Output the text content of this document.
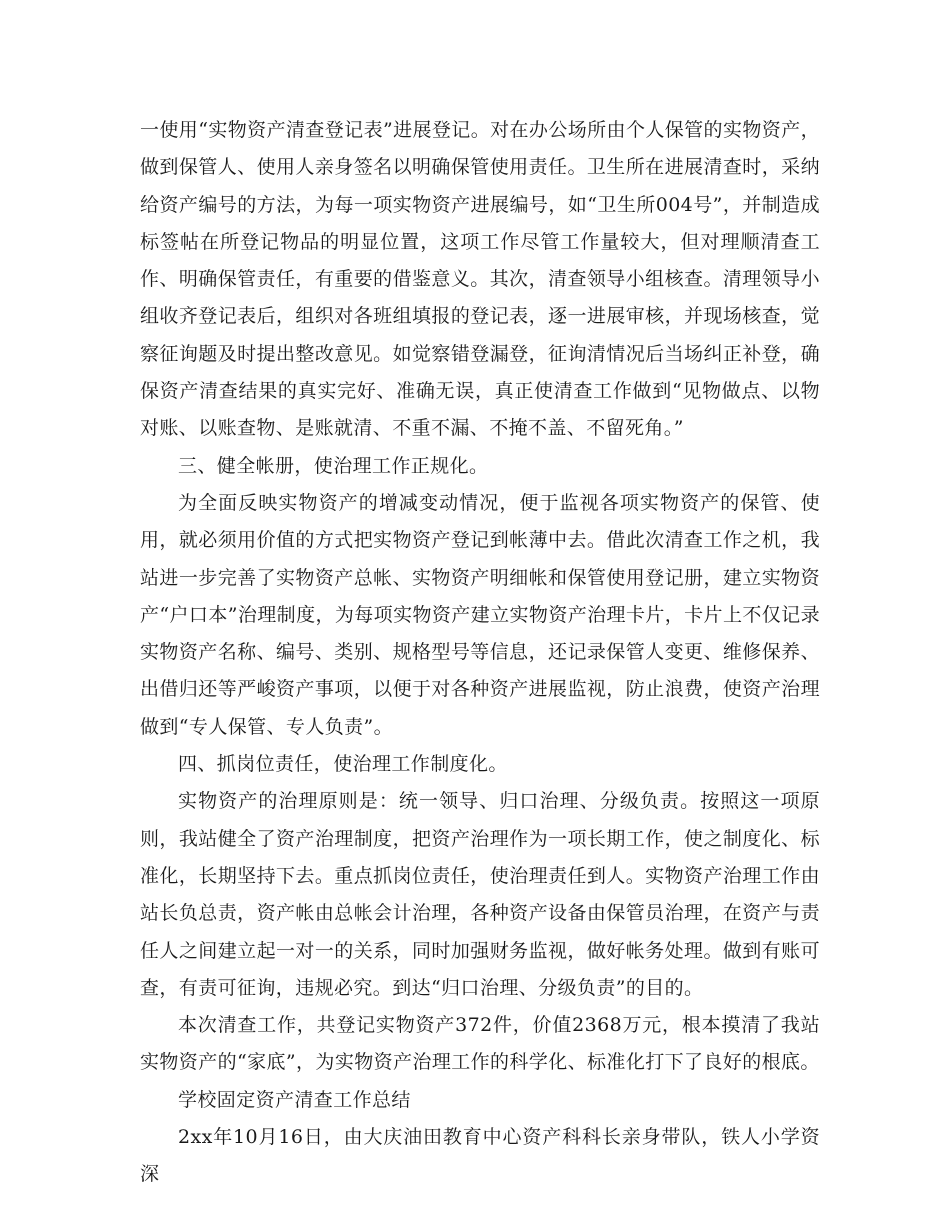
一使用“实物资产清查登记表”进展登记。对在办公场所由个人保管的实物资产，做到保管人、使用人亲身签名以明确保管使用责任。卫生所在进展清查时，采纳给资产编号的方法，为每一项实物资产进展编号，如“卫生所004号”，并制造成标签帖在所登记物品的明显位置，这项工作尽管工作量较大，但对理顺清查工作、明确保管责任，有重要的借鉴意义。其次，清查领导小组核查。清理领导小组收齐登记表后，组织对各班组填报的登记表，逐一进展审核，并现场核查，觉察征询题及时提出整改意见。如觉察错登漏登，征询清情况后当场纠正补登，确保资产清查结果的真实完好、准确无误，真正使清查工作做到“见物做点、以物对账、以账查物、是账就清、不重不漏、不掩不盖、不留死角。”

三、健全帐册，使治理工作正规化。

为全面反映实物资产的增减变动情况，便于监视各项实物资产的保管、使用，就必须用价值的方式把实物资产登记到帐薄中去。借此次清查工作之机，我站进一步完善了实物资产总帐、实物资产明细帐和保管使用登记册，建立实物资产“户口本”治理制度，为每项实物资产建立实物资产治理卡片，卡片上不仅记录实物资产名称、编号、类别、规格型号等信息，还记录保管人变更、维修保养、出借归还等严峻资产事项，以便于对各种资产进展监视，防止浪费，使资产治理做到“专人保管、专人负责”。

四、抓岗位责任，使治理工作制度化。

实物资产的治理原则是：统一领导、归口治理、分级负责。按照这一项原则，我站健全了资产治理制度，把资产治理作为一项长期工作，使之制度化、标准化，长期坚持下去。重点抓岗位责任，使治理责任到人。实物资产治理工作由站长负总责，资产帐由总帐会计治理，各种资产设备由保管员治理，在资产与责任人之间建立起一对一的关系，同时加强财务监视，做好帐务处理。做到有账可查，有责可征询，违规必究。到达“归口治理、分级负责”的目的。

本次清查工作，共登记实物资产372件，价值2368万元，根本摸清了我站实物资产的“家底”，为实物资产治理工作的科学化、标准化打下了良好的根底。

学校固定资产清查工作总结

2xx年10月16日，由大庆油田教育中心资产科科长亲身带队，铁人小学资深
